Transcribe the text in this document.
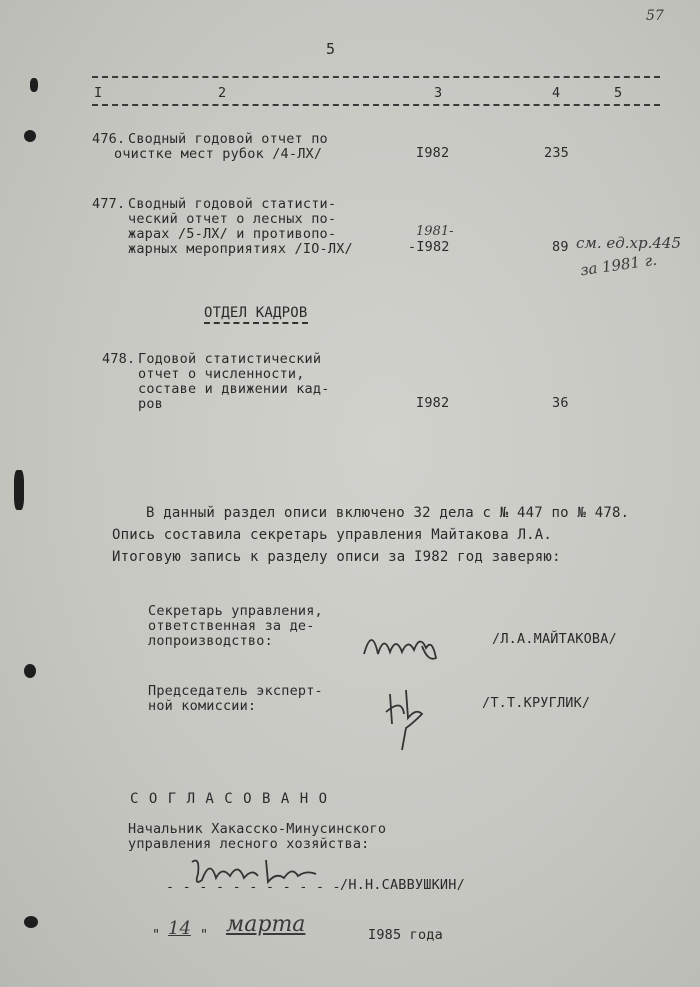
57
5
I	2	3	4	5
476. Сводный годовой отчет по
очистке мест рубок /4-ЛХ/	I982	235
477. Сводный годовой статисти-
ческий отчет о лесных по-
жарах /5-ЛХ/ и противопо-
жарных мероприятиях /IO-ЛХ/
1981-
-I982	89 см. ед.хр.445
за 1981 г.
ОТДЕЛ КАДРОВ
478. Годовой статистический
отчет о численности,
составе и движении кад-
ров	I982	36
В данный раздел описи включено 32 дела с № 447 по № 478.
Опись составила секретарь управления Майтакова Л.А.
Итоговую запись к разделу описи за I982 год заверяю:
Секретарь управления,
ответственная за де-
лопроизводство:	/Л.А.МАЙТАКОВА/
Председатель эксперт-
ной комиссии:	/Т.Т.КРУГЛИК/
С О Г Л А С О В А Н О
Начальник Хакасско-Минусинского
управления лесного хозяйства:
- - - - - - - - - - - /Н.Н.САВВУШКИН/
" 14 " марта	I985 года
